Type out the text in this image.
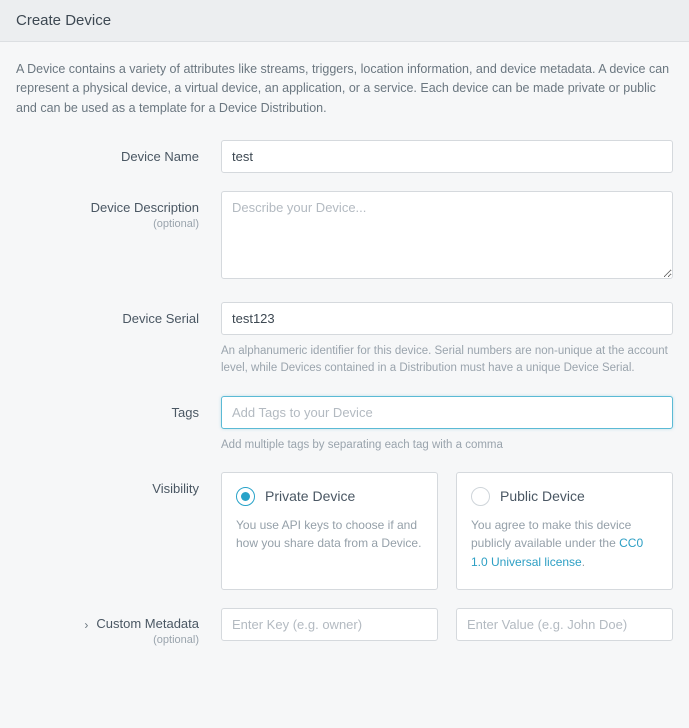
Create Device

A Device contains a variety of attributes like streams, triggers, location information, and device metadata. A device can represent a physical device, a virtual device, an application, or a service. Each device can be made private or public and can be used as a template for a Device Distribution.

Device Name
test
Device Description
(optional)
Describe your Device...
Device Serial
test123
An alphanumeric identifier for this device. Serial numbers are non-unique at the account level, while Devices contained in a Distribution must have a unique Device Serial.
Tags
Add Tags to your Device
Add multiple tags by separating each tag with a comma
Visibility	Private Device
You use API keys to choose if and how you share data from a Device.
Public Device
You agree to make this device publicly available under the CC0 1.0 Universal license.
› Custom Metadata
(optional)
Enter Key (e.g. owner)
Enter Value (e.g. John Doe)
